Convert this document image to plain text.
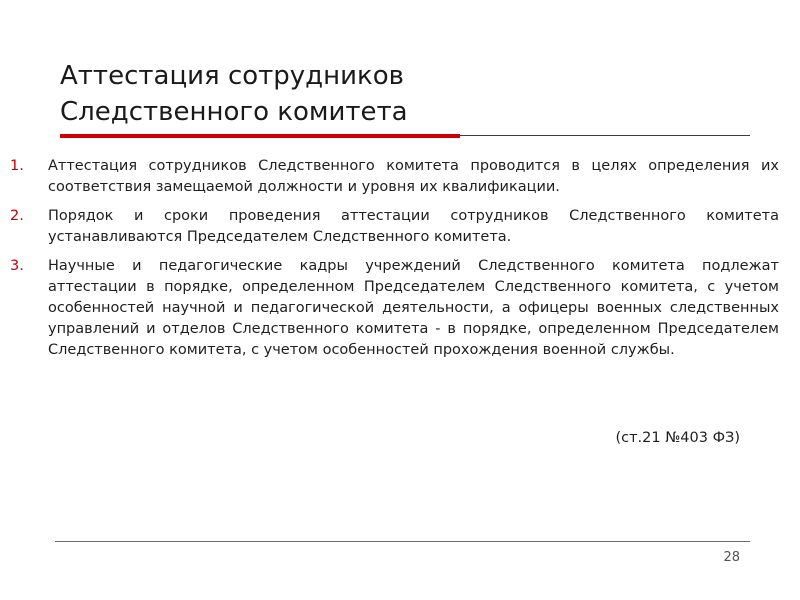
Аттестация сотрудников
Следственного комитета
1.	Аттестация сотрудников Следственного комитета проводится в целях определения их соответствия замещаемой должности и уровня их квалификации.
2.	Порядок и сроки проведения аттестации сотрудников Следственного комитета устанавливаются Председателем Следственного комитета.
3.	Научные и педагогические кадры учреждений Следственного комитета подлежат аттестации в порядке, определенном Председателем Следственного комитета, с учетом особенностей научной и педагогической деятельности, а офицеры военных следственных управлений и отделов Следственного комитета - в порядке, определенном Председателем Следственного комитета, с учетом особенностей прохождения военной службы.
(ст.21 №403 ФЗ)
28
